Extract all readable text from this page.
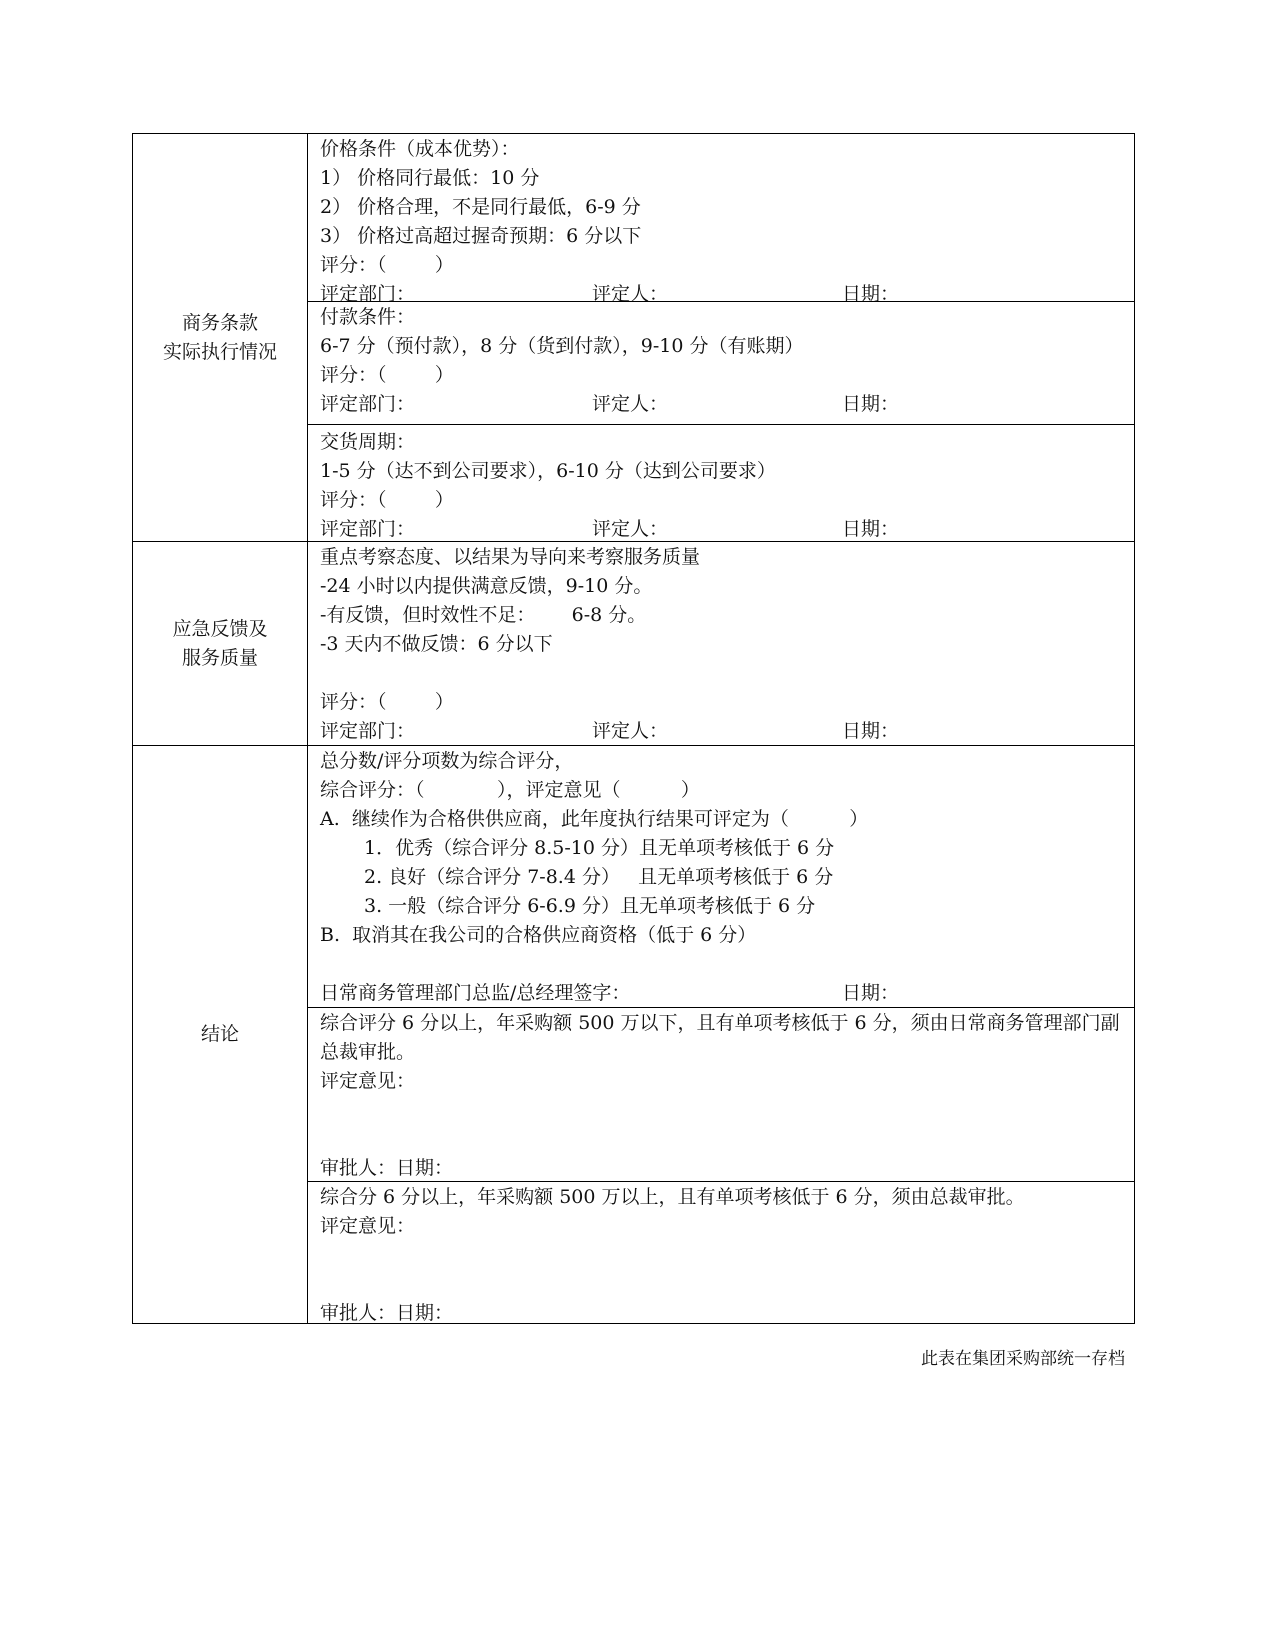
商务条款
实际执行情况
价格条件（成本优势）：
1） 价格同行最低：10 分
2） 价格合理，不是同行最低，6-9 分
3） 价格过高超过握奇预期：6 分以下
评分：（        ）
评定部门：	评定人：	日期：
付款条件：
6-7 分（预付款），8 分（货到付款），9-10 分（有账期）
评分：（        ）
评定部门：	评定人：	日期：
交货周期：
1-5 分（达不到公司要求），6-10 分（达到公司要求）
评分：（        ）
评定部门：	评定人：	日期：
应急反馈及
服务质量
重点考察态度、以结果为导向来考察服务质量
-24 小时以内提供满意反馈，9-10 分。
-有反馈，但时效性不足：      6-8 分。
-3 天内不做反馈：6 分以下
评分：（        ）
评定部门：	评定人：	日期：
结论
总分数/评分项数为综合评分，
综合评分：（            ），评定意见（          ）
A.  继续作为合格供供应商，此年度执行结果可评定为（          ）
1．优秀（综合评分 8.5-10 分）且无单项考核低于 6 分
2. 良好（综合评分 7-8.4 分）   且无单项考核低于 6 分
3. 一般（综合评分 6-6.9 分）且无单项考核低于 6 分
B.  取消其在我公司的合格供应商资格（低于 6 分）
日常商务管理部门总监/总经理签字：	日期：
综合评分 6 分以上，年采购额 500 万以下，且有单项考核低于 6 分，须由日常商务管理部门副总裁审批。
评定意见：
审批人：日期：
综合分 6 分以上，年采购额 500 万以上，且有单项考核低于 6 分，须由总裁审批。
评定意见：
审批人：日期：
此表在集团采购部统一存档
